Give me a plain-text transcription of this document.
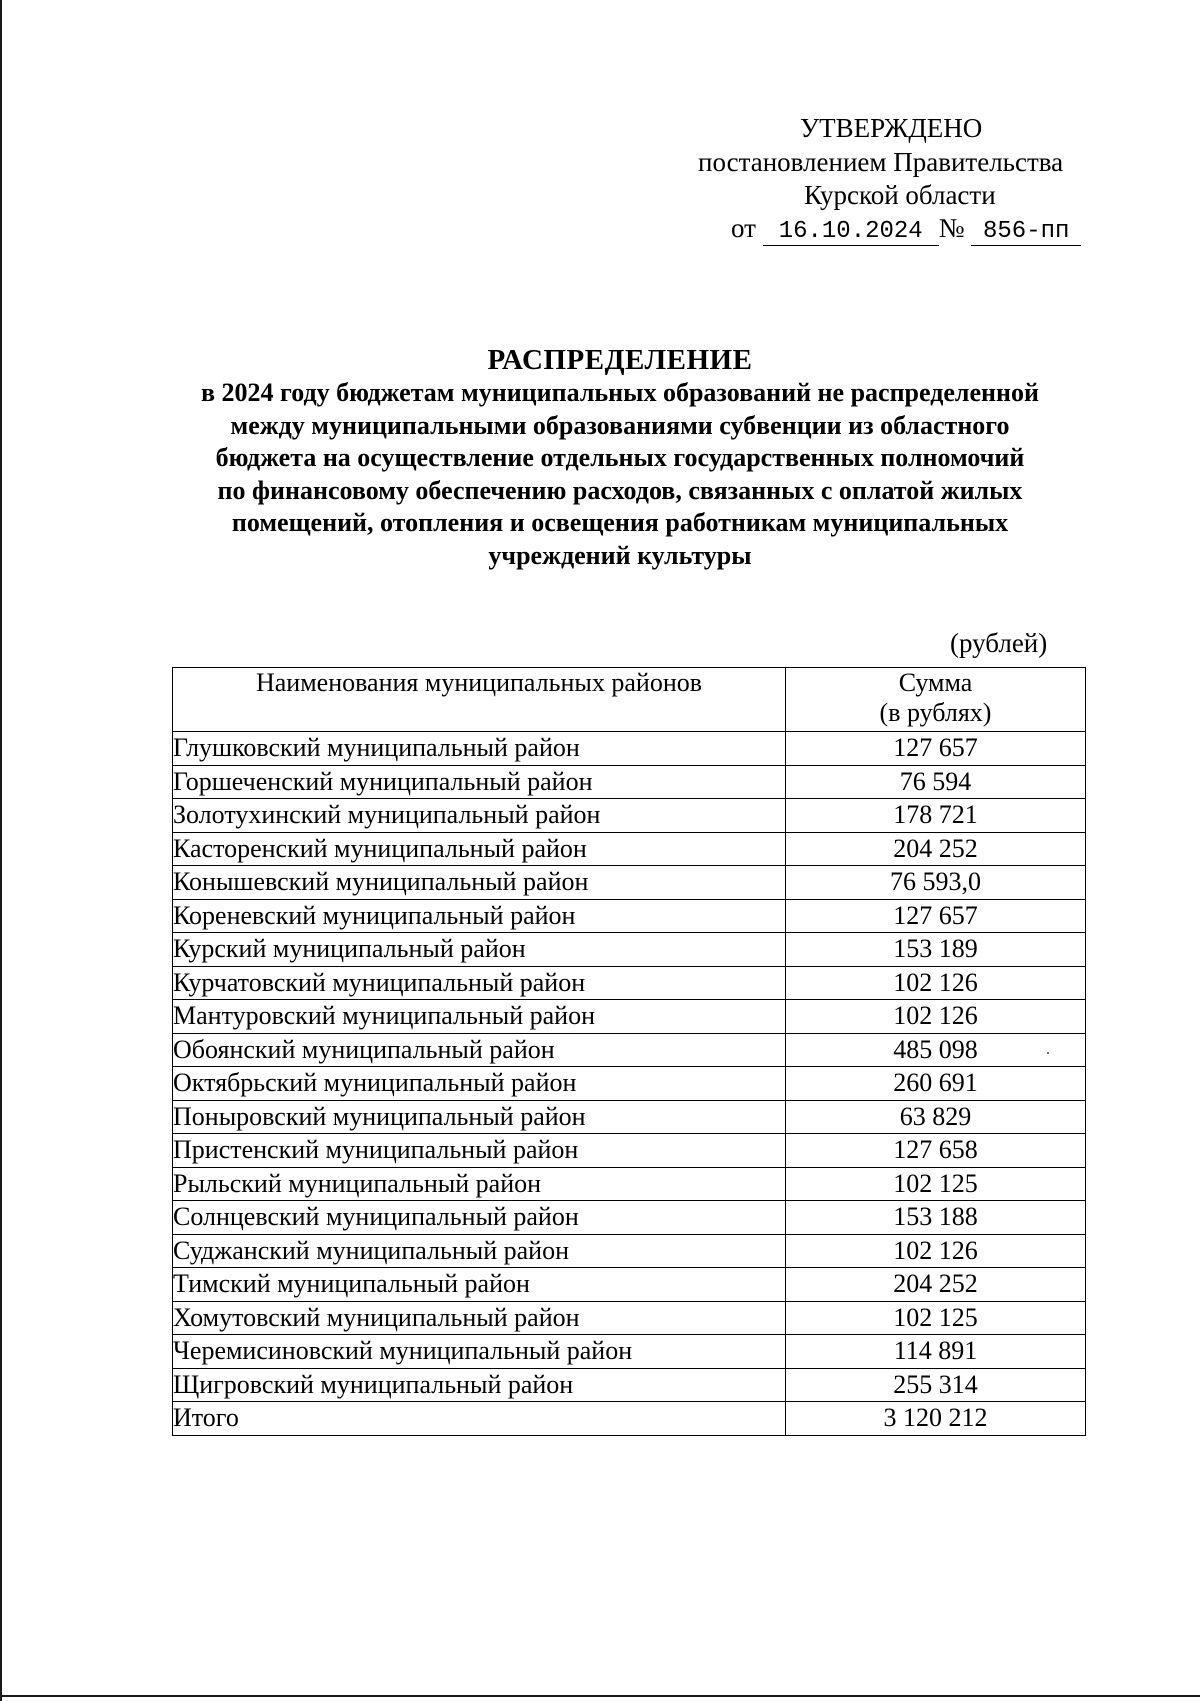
УТВЕРЖДЕНО
постановлением Правительства
Курской области
от 16.10.2024 № 856-пп

РАСПРЕДЕЛЕНИЕ

в 2024 году бюджетам муниципальных образований не распределенной

между муниципальными образованиями субвенции из областного

бюджета на осуществление отдельных государственных полномочий

по финансовому обеспечению расходов, связанных с оплатой жилых

помещений, отопления и освещения работникам муниципальных

учреждений культуры

(рублей)
Наименования муниципальных районов	Сумма
(в рублях)

Глушковский муниципальный район	127 657
Горшеченский муниципальный район	76 594
Золотухинский муниципальный район	178 721
Касторенский муниципальный район	204 252
Конышевский муниципальный район	76 593,0
Кореневский муниципальный район	127 657
Курский муниципальный район	153 189
Курчатовский муниципальный район	102 126
Мантуровский муниципальный район	102 126
Обоянский муниципальный район	485 098
Октябрьский муниципальный район	260 691
Поныровский муниципальный район	63 829
Пристенский муниципальный район	127 658
Рыльский муниципальный район	102 125
Солнцевский муниципальный район	153 188
Суджанский муниципальный район	102 126
Тимский муниципальный район	204 252
Хомутовский муниципальный район	102 125
Черемисиновский муниципальный район	114 891
Щигровский муниципальный район	255 314
Итого	3 120 212
